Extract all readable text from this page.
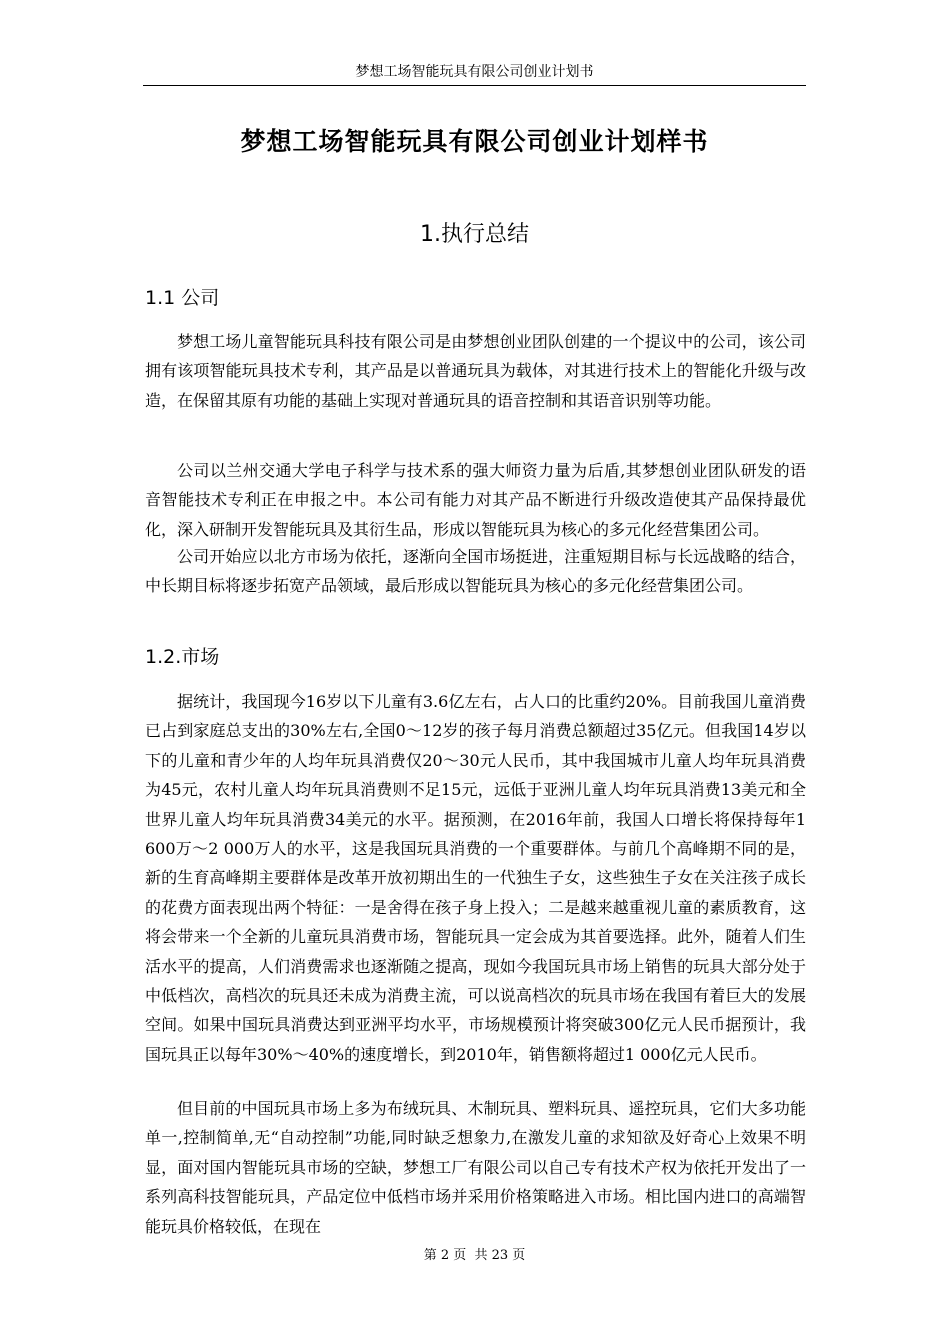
梦想工场智能玩具有限公司创业计划书
梦想工场智能玩具有限公司创业计划样书
1.执行总结
1.1 公司

梦想工场儿童智能玩具科技有限公司是由梦想创业团队创建的一个提议中的公司，该公司拥有该项智能玩具技术专利，其产品是以普通玩具为载体，对其进行技术上的智能化升级与改造，在保留其原有功能的基础上实现对普通玩具的语音控制和其语音识别等功能。

公司以兰州交通大学电子科学与技术系的强大师资力量为后盾,其梦想创业团队研发的语音智能技术专利正在申报之中。本公司有能力对其产品不断进行升级改造使其产品保持最优化，深入研制开发智能玩具及其衍生品，形成以智能玩具为核心的多元化经营集团公司。

公司开始应以北方市场为依托，逐渐向全国市场挺进，注重短期目标与长远战略的结合，中长期目标将逐步拓宽产品领域，最后形成以智能玩具为核心的多元化经营集团公司。

1.2.市场

据统计，我国现今16岁以下儿童有3.6亿左右，占人口的比重约20%。目前我国儿童消费已占到家庭总支出的30%左右,全国0～12岁的孩子每月消费总额超过35亿元。但我国14岁以下的儿童和青少年的人均年玩具消费仅20～30元人民币，其中我国城市儿童人均年玩具消费为45元，农村儿童人均年玩具消费则不足15元，远低于亚洲儿童人均年玩具消费13美元和全世界儿童人均年玩具消费34美元的水平。据预测，在2016年前，我国人口增长将保持每年1 600万～2 000万人的水平，这是我国玩具消费的一个重要群体。与前几个高峰期不同的是，新的生育高峰期主要群体是改革开放初期出生的一代独生子女，这些独生子女在关注孩子成长的花费方面表现出两个特征：一是舍得在孩子身上投入；二是越来越重视儿童的素质教育，这将会带来一个全新的儿童玩具消费市场，智能玩具一定会成为其首要选择。此外，随着人们生活水平的提高，人们消费需求也逐渐随之提高，现如今我国玩具市场上销售的玩具大部分处于中低档次，高档次的玩具还未成为消费主流，可以说高档次的玩具市场在我国有着巨大的发展空间。如果中国玩具消费达到亚洲平均水平，市场规模预计将突破300亿元人民币据预计，我国玩具正以每年30%～40%的速度增长，到2010年，销售额将超过1 000亿元人民币。

但目前的中国玩具市场上多为布绒玩具、木制玩具、塑料玩具、遥控玩具，它们大多功能单一,控制简单,无“自动控制”功能,同时缺乏想象力,在激发儿童的求知欲及好奇心上效果不明显，面对国内智能玩具市场的空缺，梦想工厂有限公司以自己专有技术产权为依托开发出了一系列高科技智能玩具，产品定位中低档市场并采用价格策略进入市场。相比国内进口的高端智能玩具价格较低，在现在

第 2 页 共 23 页
